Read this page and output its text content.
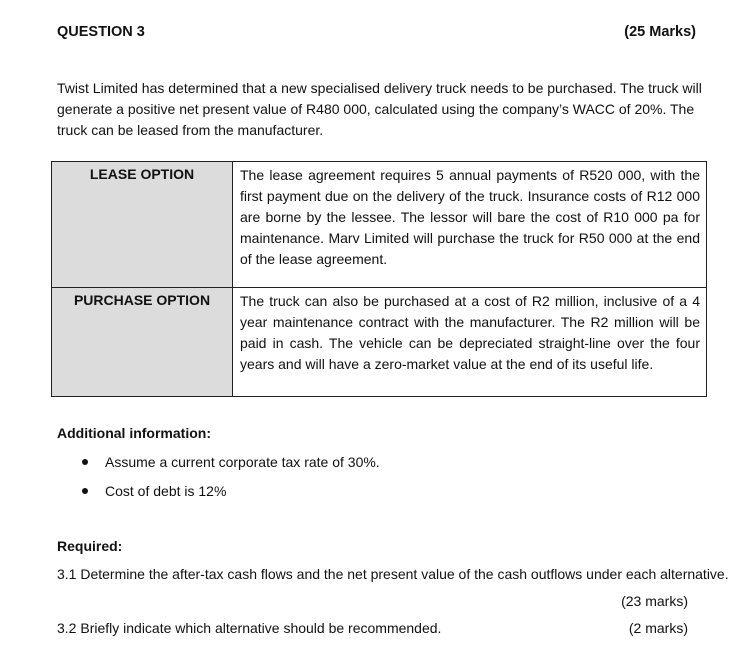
QUESTION 3	(25 Marks)
Twist Limited has determined that a new specialised delivery truck needs to be purchased. The truck will generate a positive net present value of R480 000, calculated using the company’s WACC of 20%. The truck can be leased from the manufacturer.
LEASE OPTION	The lease agreement requires 5 annual payments of R520 000, with the first payment due on the delivery of the truck. Insurance costs of R12 000 are borne by the lessee. The lessor will bare the cost of R10 000 pa for maintenance. Marv Limited will purchase the truck for R50 000 at the end of the lease agreement.
PURCHASE OPTION	The truck can also be purchased at a cost of R2 million, inclusive of a 4 year maintenance contract with the manufacturer. The R2 million will be paid in cash. The vehicle can be depreciated straight-line over the four years and will have a zero-market value at the end of its useful life.
Additional information:
Assume a current corporate tax rate of 30%.
Cost of debt is 12%
Required:
3.1 Determine the after-tax cash flows and the net present value of the cash outflows under each alternative.
(23 marks)
3.2 Briefly indicate which alternative should be recommended.	(2 marks)
